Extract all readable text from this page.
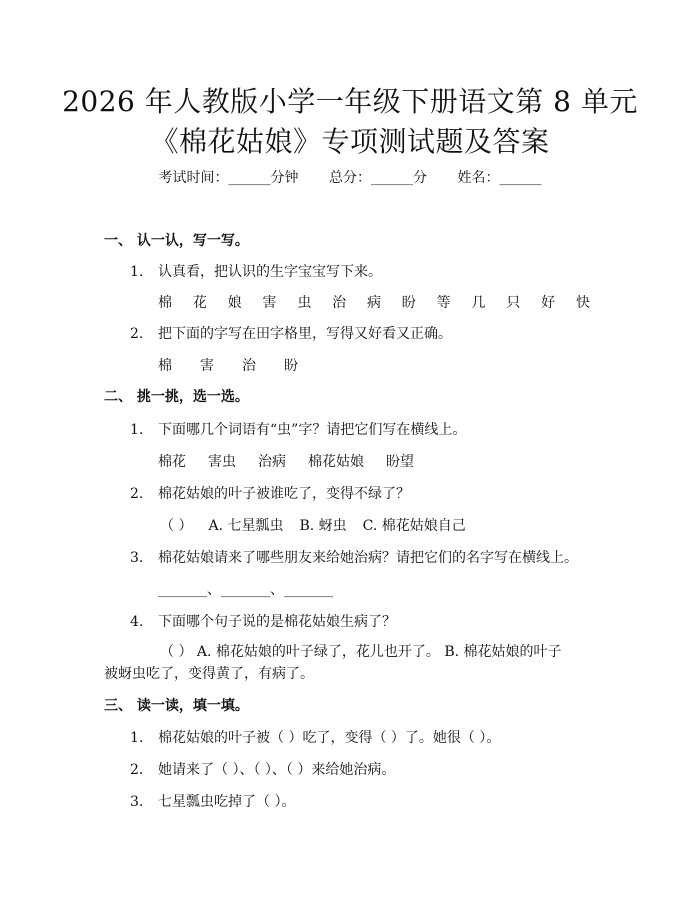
2026 年人教版小学一年级下册语文第 8 单元
《棉花姑娘》专项测试题及答案
考试时间：______分钟 总分：______分 姓名：______
一、 认一认，写一写。
1. 认真看，把认识的生字宝宝写下来。
棉 花 娘 害 虫 治 病 盼 等 几 只 好 快
2. 把下面的字写在田字格里，写得又好看又正确。
棉 害 治 盼
二、 挑一挑，选一选。
1. 下面哪几个词语有“虫”字？请把它们写在横线上。
棉花 害虫 治病 棉花姑娘 盼望
2. 棉花姑娘的叶子被谁吃了，变得不绿了？
（ ） A. 七星瓢虫 B. 蚜虫 C. 棉花姑娘自己
3. 棉花姑娘请来了哪些朋友来给她治病？请把它们的名字写在横线上。
_______、_______、_______
4. 下面哪个句子说的是棉花姑娘生病了？
（ ） A. 棉花姑娘的叶子绿了，花儿也开了。 B. 棉花姑娘的叶子
被蚜虫吃了，变得黄了，有病了。
三、 读一读，填一填。
1. 棉花姑娘的叶子被（ ）吃了，变得（ ）了。她很（ ）。
2. 她请来了（ ）、（ ）、（ ）来给她治病。
3. 七星瓢虫吃掉了（ ）。
